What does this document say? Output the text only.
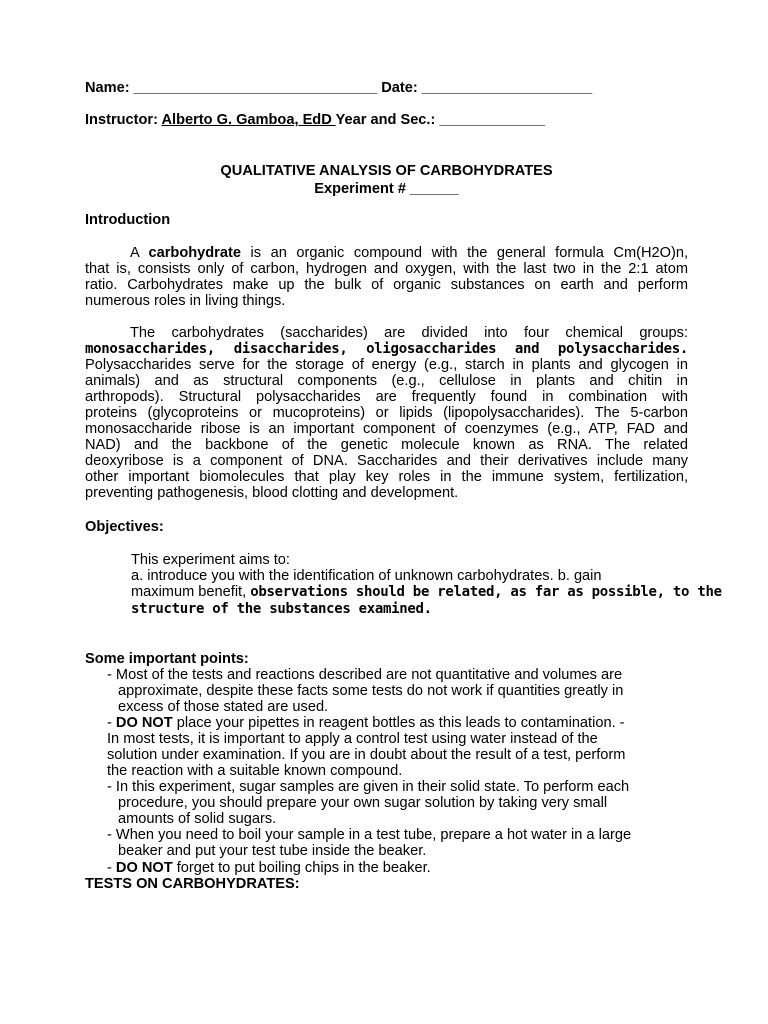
Name: ______________________________ Date: _____________________
Instructor: Alberto G. Gamboa, EdD Year and Sec.: _____________
QUALITATIVE ANALYSIS OF CARBOHYDRATES
Experiment # ______
Introduction
A carbohydrate is an organic compound with the general formula Cm(H2O)n,
that is, consists only of carbon, hydrogen and oxygen, with the last two in the 2:1 atom
ratio. Carbohydrates make up the bulk of organic substances on earth and perform
numerous roles in living things.
The carbohydrates (saccharides) are divided into four chemical groups:
monosaccharides, disaccharides, oligosaccharides and polysaccharides.
Polysaccharides serve for the storage of energy (e.g., starch in plants and glycogen in
animals) and as structural components (e.g., cellulose in plants and chitin in
arthropods). Structural polysaccharides are frequently found in combination with
proteins (glycoproteins or mucoproteins) or lipids (lipopolysaccharides). The 5-carbon
monosaccharide ribose is an important component of coenzymes (e.g., ATP, FAD and
NAD) and the backbone of the genetic molecule known as RNA. The related
deoxyribose is a component of DNA. Saccharides and their derivatives include many
other important biomolecules that play key roles in the immune system, fertilization,
preventing pathogenesis, blood clotting and development.
Objectives:
This experiment aims to:
a. introduce you with the identification of unknown carbohydrates. b. gain
maximum benefit, observations should be related, as far as possible, to the
structure of the substances examined.
Some important points:
- Most of the tests and reactions described are not quantitative and volumes are
approximate, despite these facts some tests do not work if quantities greatly in
excess of those stated are used.
- DO NOT place your pipettes in reagent bottles as this leads to contamination. -
In most tests, it is important to apply a control test using water instead of the
solution under examination. If you are in doubt about the result of a test, perform
the reaction with a suitable known compound.
- In this experiment, sugar samples are given in their solid state. To perform each
procedure, you should prepare your own sugar solution by taking very small
amounts of solid sugars.
- When you need to boil your sample in a test tube, prepare a hot water in a large
beaker and put your test tube inside the beaker.
- DO NOT forget to put boiling chips in the beaker.
TESTS ON CARBOHYDRATES:
